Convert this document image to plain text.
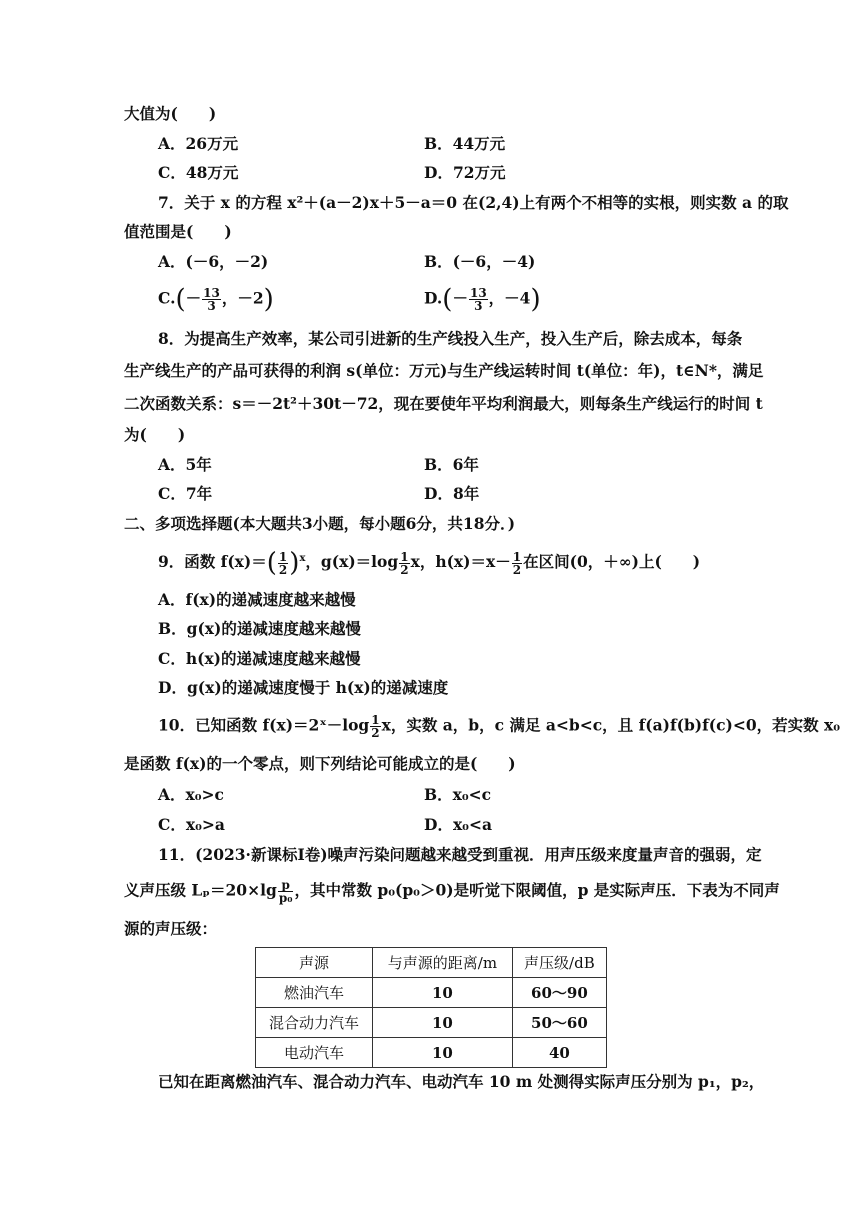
大值为(　　)
A．26万元	B．44万元
C．48万元	D．72万元
7．关于 x 的方程 x²＋(a－2)x＋5－a＝0 在(2,4)上有两个不相等的实根，则实数 a 的取
值范围是(　　)
A．(－6，－2)	B．(－6，－4)
$C.(- \frac{13}{3}$ ，－2)	$D.(- \frac{13}{3}$ ，－4)
8．为提高生产效率，某公司引进新的生产线投入生产，投入生产后，除去成本，每条
生产线生产的产品可获得的利润 s(单位：万元)与生产线运转时间 t(单位：年)，t∈N*，满足
二次函数关系：s＝－2t²＋30t－72，现在要使年平均利润最大，则每条生产线运行的时间 t
为(　　)
A．5年	B．6年
C．7年	D．8年
二、多项选择题(本大题共3小题，每小题6分，共18分．)
9．函数 $f(x)=( \frac{1}{2} )^x$，$g(x)=\log \frac{1}{2}$ x，$h(x)=x- \frac{1}{2}$ 在区间(0，＋∞)上(　　)
A．f(x)的递减速度越来越慢
B．g(x)的递减速度越来越慢
C．h(x)的递减速度越来越慢
D．g(x)的递减速度慢于 h(x)的递减速度
10．已知函数 f(x)＝2ˣ－log $\frac{1}{2}$ x，实数 a，b，c 满足 a<b<c，且 f(a)f(b)f(c)<0，若实数 x₀
是函数 f(x)的一个零点，则下列结论可能成立的是(　　)
A．x₀>c	B．x₀<c
C．x₀>a	D．x₀<a
11．(2023·新课标Ⅰ卷)噪声污染问题越来越受到重视．用声压级来度量声音的强弱，定
义声压级 $L_p=20\times\lg \frac{p}{\text{p₀}}$ ，其中常数 p₀(p₀＞0)是听觉下限阈值，p 是实际声压．下表为不同声
源的声压级：
声源	与声源的距离/m	声压级/dB
燃油汽车	10	60～90
混合动力汽车	10	50～60
电动汽车	10	40
已知在距离燃油汽车、混合动力汽车、电动汽车 10 m 处测得实际声压分别为 p₁，p₂，
